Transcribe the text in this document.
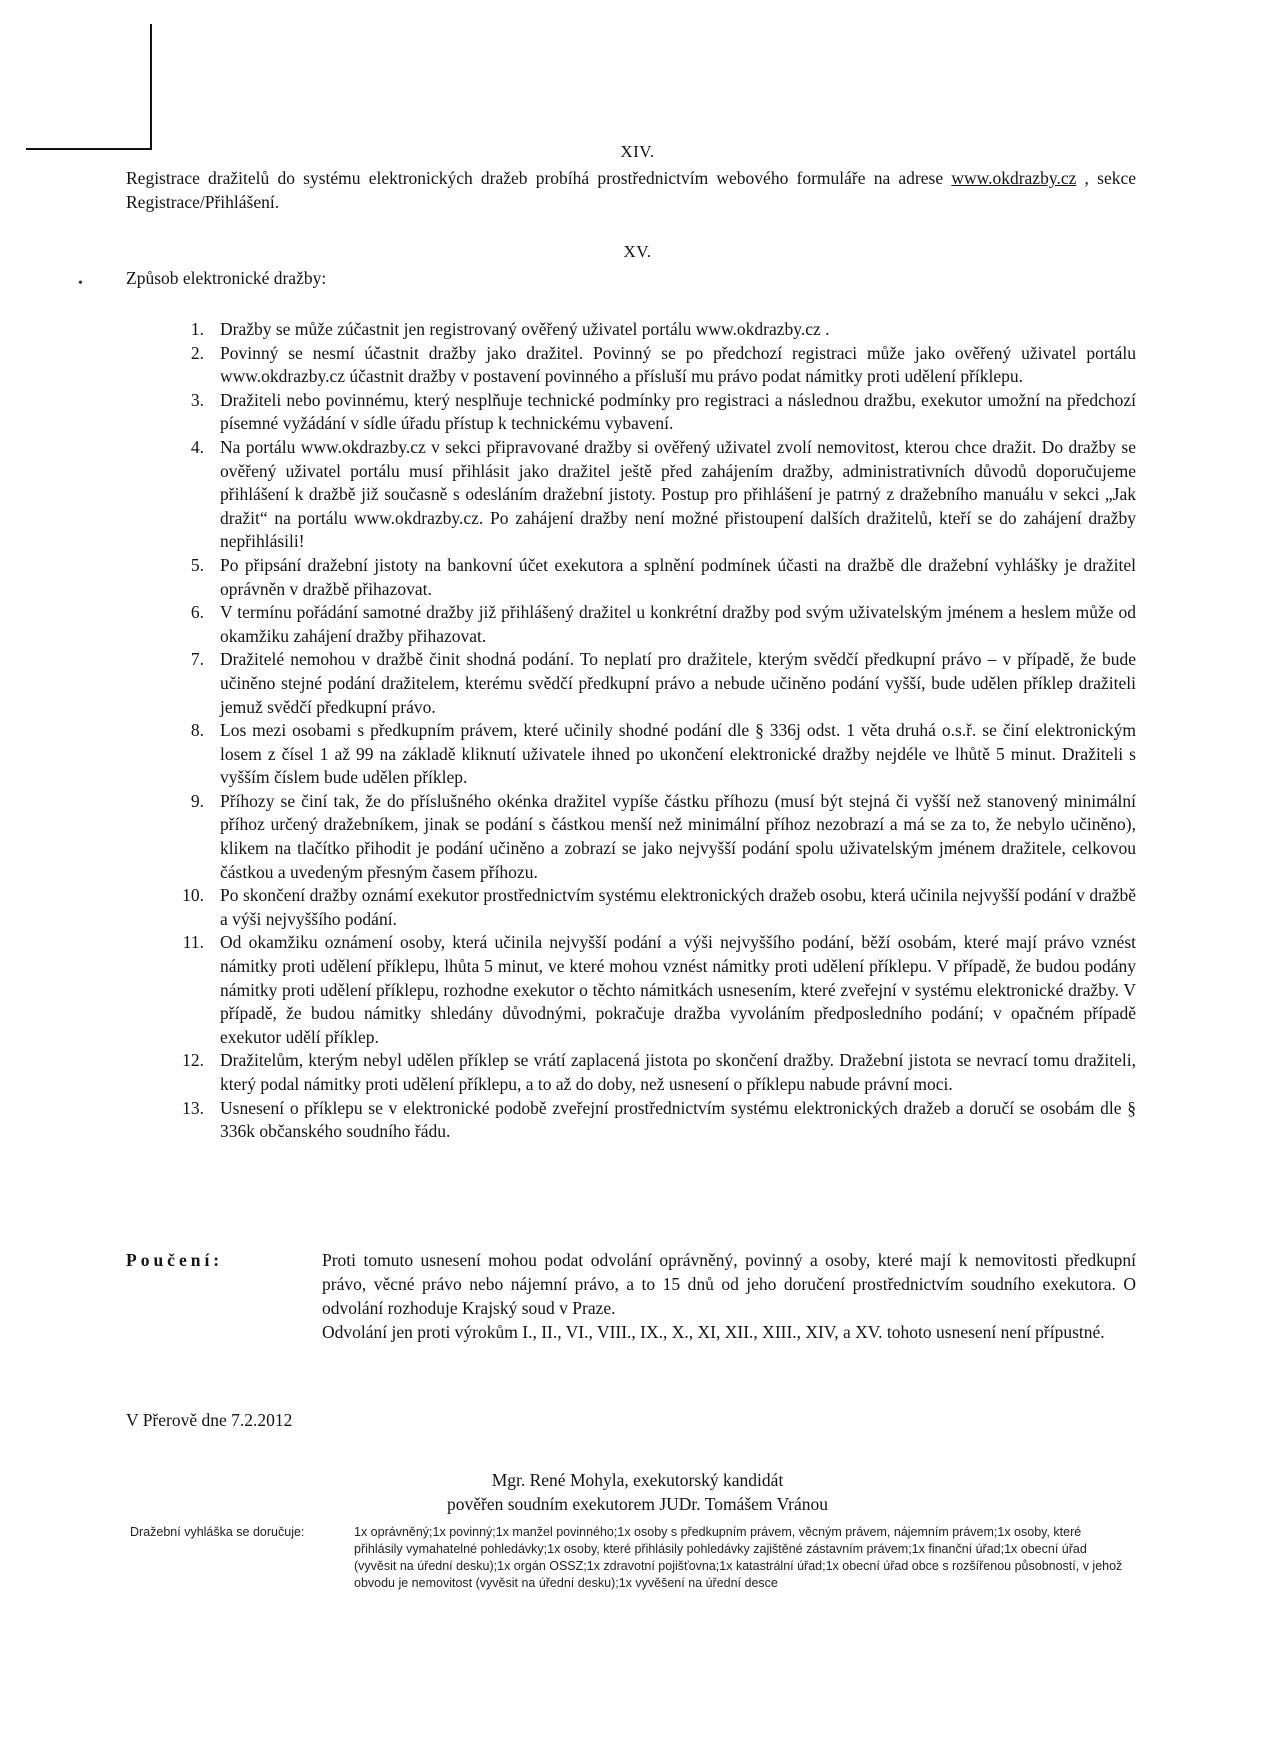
•
XIV.
Registrace dražitelů do systému elektronických dražeb probíhá prostřednictvím webového formuláře na adrese www.okdrazby.cz , sekce Registrace/Přihlášení.
XV.
Způsob elektronické dražby:
1. Dražby se může zúčastnit jen registrovaný ověřený uživatel portálu www.okdrazby.cz .
2. Povinný se nesmí účastnit dražby jako dražitel. Povinný se po předchozí registraci může jako ověřený uživatel portálu www.okdrazby.cz účastnit dražby v postavení povinného a přísluší mu právo podat námitky proti udělení příklepu.
3. Dražiteli nebo povinnému, který nesplňuje technické podmínky pro registraci a následnou dražbu, exekutor umožní na předchozí písemné vyžádání v sídle úřadu přístup k technickému vybavení.
4. Na portálu www.okdrazby.cz v sekci připravované dražby si ověřený uživatel zvolí nemovitost, kterou chce dražit. Do dražby se ověřený uživatel portálu musí přihlásit jako dražitel ještě před zahájením dražby, administrativních důvodů doporučujeme přihlášení k dražbě již současně s odesláním dražební jistoty. Postup pro přihlášení je patrný z dražebního manuálu v sekci „Jak dražit“ na portálu www.okdrazby.cz. Po zahájení dražby není možné přistoupení dalších dražitelů, kteří se do zahájení dražby nepřihlásili!
5. Po připsání dražební jistoty na bankovní účet exekutora a splnění podmínek účasti na dražbě dle dražební vyhlášky je dražitel oprávněn v dražbě přihazovat.
6. V termínu pořádání samotné dražby již přihlášený dražitel u konkrétní dražby pod svým uživatelským jménem a heslem může od okamžiku zahájení dražby přihazovat.
7. Dražitelé nemohou v dražbě činit shodná podání. To neplatí pro dražitele, kterým svědčí předkupní právo – v případě, že bude učiněno stejné podání dražitelem, kterému svědčí předkupní právo a nebude učiněno podání vyšší, bude udělen příklep dražiteli jemuž svědčí předkupní právo.
8. Los mezi osobami s předkupním právem, které učinily shodné podání dle § 336j odst. 1 věta druhá o.s.ř. se činí elektronickým losem z čísel 1 až 99 na základě kliknutí uživatele ihned po ukončení elektronické dražby nejdéle ve lhůtě 5 minut. Dražiteli s vyšším číslem bude udělen příklep.
9. Příhozy se činí tak, že do příslušného okénka dražitel vypíše částku příhozu (musí být stejná či vyšší než stanovený minimální příhoz určený dražebníkem, jinak se podání s částkou menší než minimální příhoz nezobrazí a má se za to, že nebylo učiněno), klikem na tlačítko přihodit je podání učiněno a zobrazí se jako nejvyšší podání spolu uživatelským jménem dražitele, celkovou částkou a uvedeným přesným časem příhozu.
10. Po skončení dražby oznámí exekutor prostřednictvím systému elektronických dražeb osobu, která učinila nejvyšší podání v dražbě a výši nejvyššího podání.
11. Od okamžiku oznámení osoby, která učinila nejvyšší podání a výši nejvyššího podání, běží osobám, které mají právo vznést námitky proti udělení příklepu, lhůta 5 minut, ve které mohou vznést námitky proti udělení příklepu. V případě, že budou podány námitky proti udělení příklepu, rozhodne exekutor o těchto námitkách usnesením, které zveřejní v systému elektronické dražby. V případě, že budou námitky shledány důvodnými, pokračuje dražba vyvoláním předposledního podání; v opačném případě exekutor udělí příklep.
12. Dražitelům, kterým nebyl udělen příklep se vrátí zaplacená jistota po skončení dražby. Dražební jistota se nevrací tomu dražiteli, který podal námitky proti udělení příklepu, a to až do doby, než usnesení o příklepu nabude právní moci.
13. Usnesení o příklepu se v elektronické podobě zveřejní prostřednictvím systému elektronických dražeb a doručí se osobám dle § 336k občanského soudního řádu.
Poučení:	Proti tomuto usnesení mohou podat odvolání oprávněný, povinný a osoby, které mají k nemovitosti předkupní právo, věcné právo nebo nájemní právo, a to 15 dnů od jeho doručení prostřednictvím soudního exekutora. O odvolání rozhoduje Krajský soud v Praze.
Odvolání jen proti výrokům I., II., VI., VIII., IX., X., XI, XII., XIII., XIV, a XV. tohoto usnesení není přípustné.
V Přerově dne 7.2.2012
Mgr. René Mohyla, exekutorský kandidát
pověřen soudním exekutorem JUDr. Tomášem Vránou
Dražební vyhláška se doručuje:	1x oprávněný;1x povinný;1x manžel povinného;1x osoby s předkupním právem, věcným právem, nájemním právem;1x osoby, které přihlásily vymahatelné pohledávky;1x osoby, které přihlásily pohledávky zajištěné zástavním právem;1x finanční úřad;1x obecní úřad (vyvěsit na úřední desku);1x orgán OSSZ;1x zdravotní pojišťovna;1x katastrální úřad;1x obecní úřad obce s rozšířenou působností, v jehož obvodu je nemovitost (vyvěsit na úřední desku);1x vyvěšení na úřední desce
